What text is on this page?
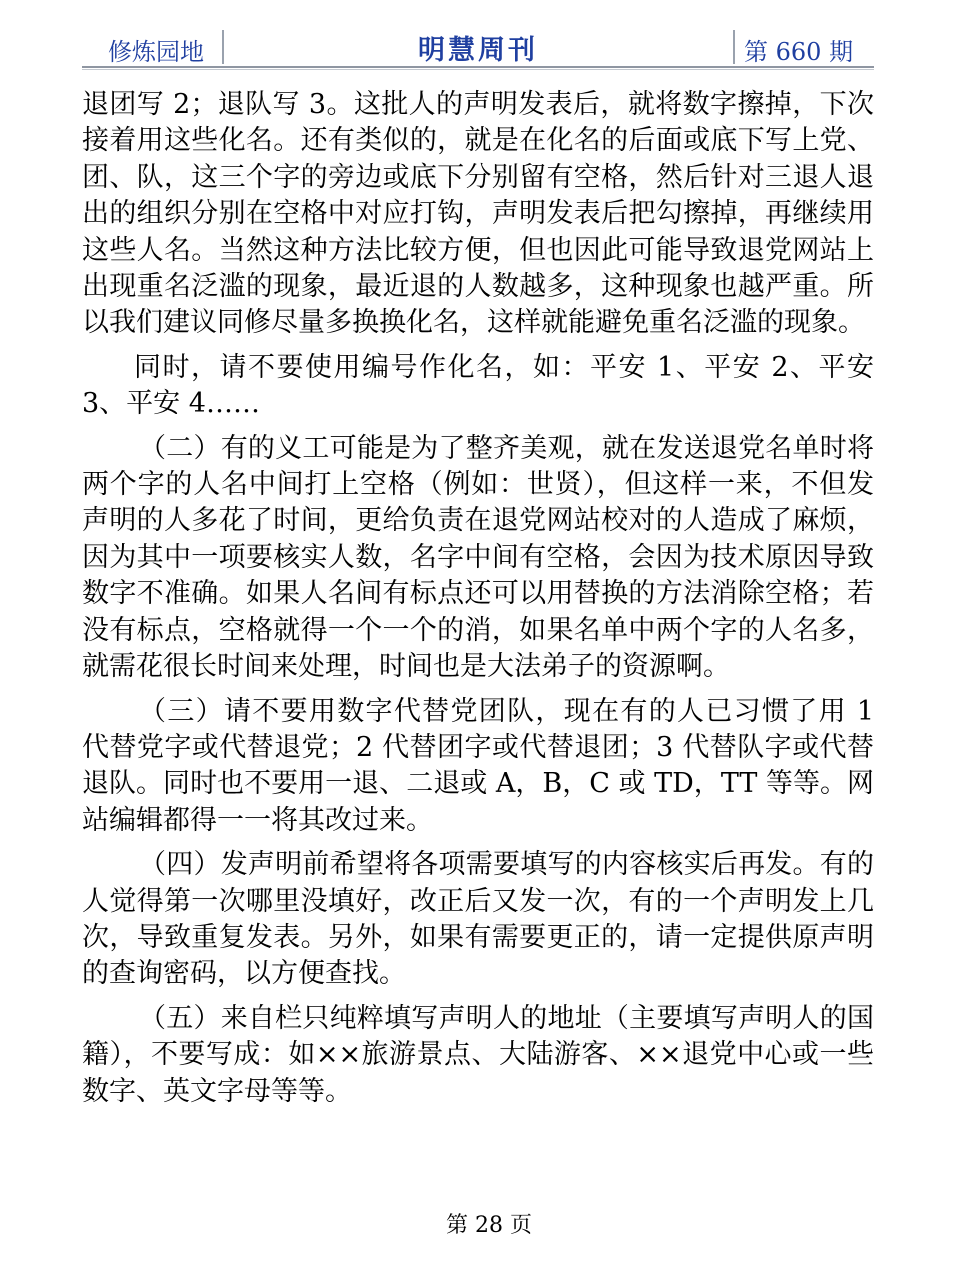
修炼园地	明慧周刊	第 660 期

退团写 2；退队写 3。这批人的声明发表后，就将数字擦掉，下次接着用这些化名。还有类似的，就是在化名的后面或底下写上党、团、队，这三个字的旁边或底下分别留有空格，然后针对三退人退出的组织分别在空格中对应打钩，声明发表后把勾擦掉，再继续用这些人名。当然这种方法比较方便，但也因此可能导致退党网站上出现重名泛滥的现象，最近退的人数越多，这种现象也越严重。所以我们建议同修尽量多换换化名，这样就能避免重名泛滥的现象。

同时，请不要使用编号作化名，如：平安 1、平安 2、平安 3、平安 4……

（二）有的义工可能是为了整齐美观，就在发送退党名单时将两个字的人名中间打上空格（例如：世贤），但这样一来，不但发声明的人多花了时间，更给负责在退党网站校对的人造成了麻烦，因为其中一项要核实人数，名字中间有空格，会因为技术原因导致数字不准确。如果人名间有标点还可以用替换的方法消除空格；若没有标点，空格就得一个一个的消，如果名单中两个字的人名多，就需花很长时间来处理，时间也是大法弟子的资源啊。

（三）请不要用数字代替党团队，现在有的人已习惯了用 1 代替党字或代替退党；2 代替团字或代替退团；3 代替队字或代替退队。同时也不要用一退、二退或 A，B，C 或 TD，TT 等等。网站编辑都得一一将其改过来。

（四）发声明前希望将各项需要填写的内容核实后再发。有的人觉得第一次哪里没填好，改正后又发一次，有的一个声明发上几次，导致重复发表。另外，如果有需要更正的，请一定提供原声明的查询密码，以方便查找。

（五）来自栏只纯粹填写声明人的地址（主要填写声明人的国籍），不要写成：如××旅游景点、大陆游客、××退党中心或一些数字、英文字母等等。

第 28 页
